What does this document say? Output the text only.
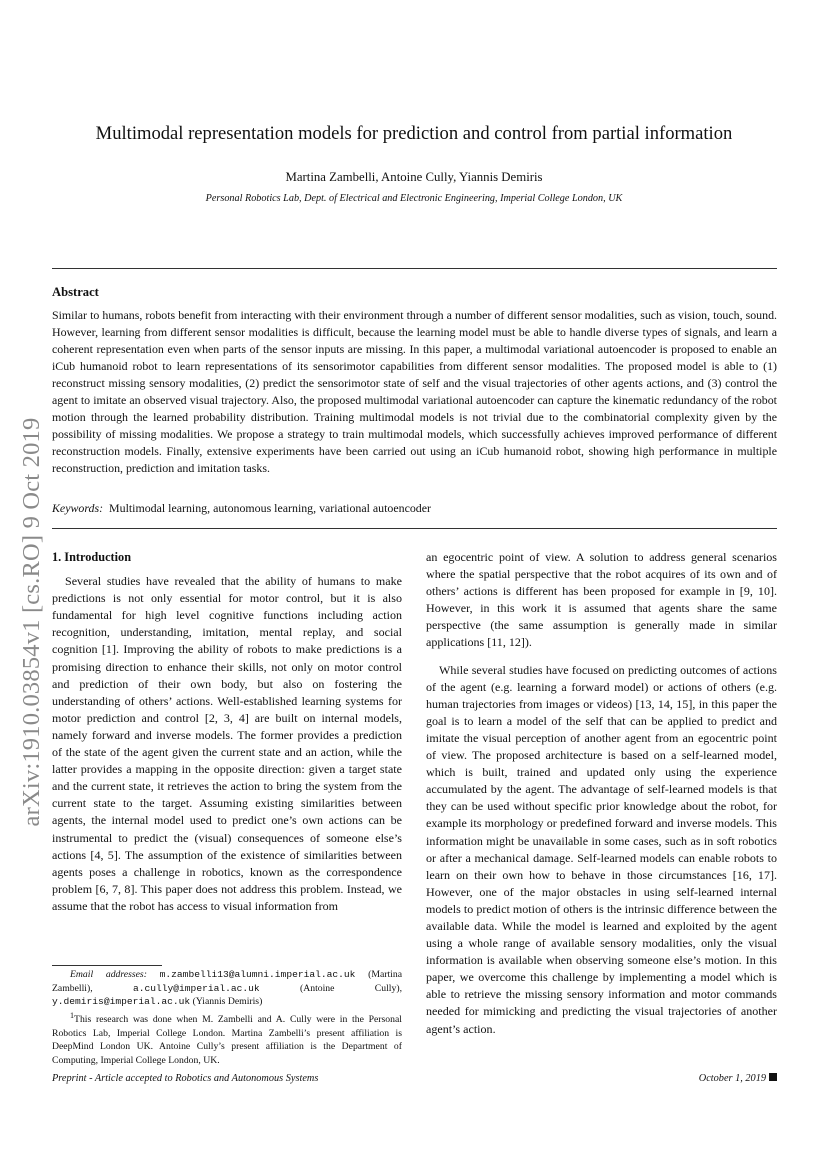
arXiv:1910.03854v1 [cs.RO] 9 Oct 2019
Multimodal representation models for prediction and control from partial information
Martina Zambelli, Antoine Cully, Yiannis Demiris
Personal Robotics Lab, Dept. of Electrical and Electronic Engineering, Imperial College London, UK
Abstract
Similar to humans, robots benefit from interacting with their environment through a number of different sensor modalities, such as vision, touch, sound. However, learning from different sensor modalities is difficult, because the learning model must be able to handle diverse types of signals, and learn a coherent representation even when parts of the sensor inputs are missing. In this paper, a multimodal variational autoencoder is proposed to enable an iCub humanoid robot to learn representations of its sensorimotor capabilities from different sensor modalities. The proposed model is able to (1) reconstruct missing sensory modalities, (2) predict the sensorimotor state of self and the visual trajectories of other agents actions, and (3) control the agent to imitate an observed visual trajectory. Also, the proposed multimodal variational autoencoder can capture the kinematic redundancy of the robot motion through the learned probability distribution. Training multimodal models is not trivial due to the combinatorial complexity given by the possibility of missing modalities. We propose a strategy to train multimodal models, which successfully achieves improved performance of different reconstruction models. Finally, extensive experiments have been carried out using an iCub humanoid robot, showing high performance in multiple reconstruction, prediction and imitation tasks.
Keywords: Multimodal learning, autonomous learning, variational autoencoder
1. Introduction

Several studies have revealed that the ability of humans to make predictions is not only essential for motor control, but it is also fundamental for high level cognitive functions including action recognition, understanding, imitation, mental replay, and social cognition [1]. Improving the ability of robots to make predictions is a promising direction to enhance their skills, not only on motor control and prediction of their own body, but also on fostering the understanding of others’ actions. Well-established learning systems for motor prediction and control [2, 3, 4] are built on internal models, namely forward and inverse models. The former provides a prediction of the state of the agent given the current state and an action, while the latter provides a mapping in the opposite direction: given a target state and the current state, it retrieves the action to bring the system from the current state to the target. Assuming existing similarities between agents, the internal model used to predict one’s own actions can be instrumental to predict the (visual) consequences of someone else’s actions [4, 5]. The assumption of the existence of similarities between agents poses a challenge in robotics, known as the correspondence problem [6, 7, 8]. This paper does not address this problem. Instead, we assume that the robot has access to visual information from

an egocentric point of view. A solution to address general scenarios where the spatial perspective that the robot acquires of its own and of others’ actions is different has been proposed for example in [9, 10]. However, in this work it is assumed that agents share the same perspective (the same assumption is generally made in similar applications [11, 12]).

While several studies have focused on predicting outcomes of actions of the agent (e.g. learning a forward model) or actions of others (e.g. human trajectories from images or videos) [13, 14, 15], in this paper the goal is to learn a model of the self that can be applied to predict and imitate the visual perception of another agent from an egocentric point of view. The proposed architecture is based on a self-learned model, which is built, trained and updated only using the experience accumulated by the agent. The advantage of self-learned models is that they can be used without specific prior knowledge about the robot, for example its morphology or predefined forward and inverse models. This information might be unavailable in some cases, such as in soft robotics or after a mechanical damage. Self-learned models can enable robots to learn on their own how to behave in those circumstances [16, 17]. However, one of the major obstacles in using self-learned internal models to predict motion of others is the intrinsic difference between the available data. While the model is learned and exploited by the agent using a whole range of available sensory modalities, only the visual information is available when observing someone else’s motion. In this paper, we overcome this challenge by implementing a model which is able to retrieve the missing sensory information and motor commands needed for mimicking and predicting the visual trajectories of another agent’s action.

Email addresses: m.zambelli13@alumni.imperial.ac.uk (Martina Zambelli),	a.cully@imperial.ac.uk	(Antoine Cully), y.demiris@imperial.ac.uk (Yiannis Demiris)

$^1$This research was done when M. Zambelli and A. Cully were in the Personal Robotics Lab, Imperial College London. Martina Zambelli’s present affiliation is DeepMind London UK. Antoine Cully’s present affiliation is the Department of Computing, Imperial College London, UK.

Preprint - Article accepted to Robotics and Autonomous Systems	October 1, 2019
